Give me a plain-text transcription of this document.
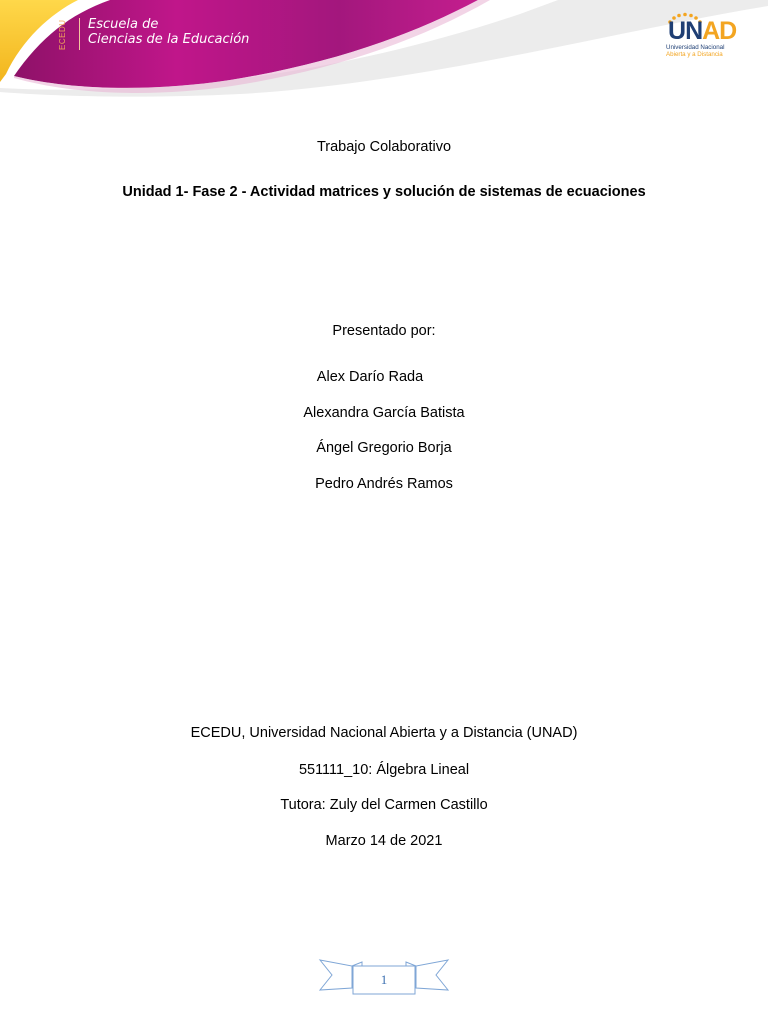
ECEDU	Escuela de
Ciencias de la Educación	UNAD
Universidad Nacional
Abierta y a Distancia
Trabajo Colaborativo
Unidad 1- Fase 2 - Actividad matrices y solución de sistemas de ecuaciones
Presentado por:
Alex Darío Rada
Alexandra García Batista
Ángel Gregorio Borja
Pedro Andrés Ramos
ECEDU, Universidad Nacional Abierta y a Distancia (UNAD)
551111_10: Álgebra Lineal
Tutora: Zuly del Carmen Castillo
Marzo 14 de 2021
1
